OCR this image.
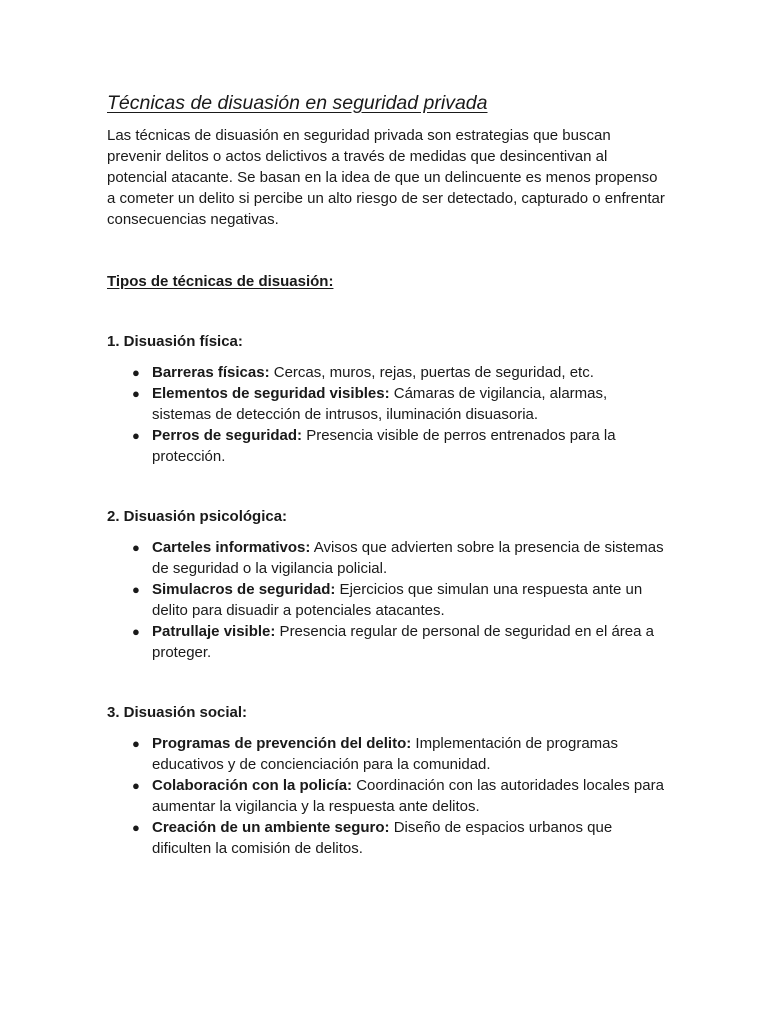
Técnicas de disuasión en seguridad privada

Las técnicas de disuasión en seguridad privada son estrategias que buscan prevenir delitos o actos delictivos a través de medidas que desincentivan al potencial atacante. Se basan en la idea de que un delincuente es menos propenso a cometer un delito si percibe un alto riesgo de ser detectado, capturado o enfrentar consecuencias negativas.

Tipos de técnicas de disuasión:

1. Disuasión física:

● Barreras físicas: Cercas, muros, rejas, puertas de seguridad, etc.
● Elementos de seguridad visibles: Cámaras de vigilancia, alarmas, sistemas de detección de intrusos, iluminación disuasoria.
● Perros de seguridad: Presencia visible de perros entrenados para la protección.

2. Disuasión psicológica:

● Carteles informativos: Avisos que advierten sobre la presencia de sistemas de seguridad o la vigilancia policial.
● Simulacros de seguridad: Ejercicios que simulan una respuesta ante un delito para disuadir a potenciales atacantes.
● Patrullaje visible: Presencia regular de personal de seguridad en el área a proteger.

3. Disuasión social:

● Programas de prevención del delito: Implementación de programas educativos y de concienciación para la comunidad.
● Colaboración con la policía: Coordinación con las autoridades locales para aumentar la vigilancia y la respuesta ante delitos.
● Creación de un ambiente seguro: Diseño de espacios urbanos que dificulten la comisión de delitos.
